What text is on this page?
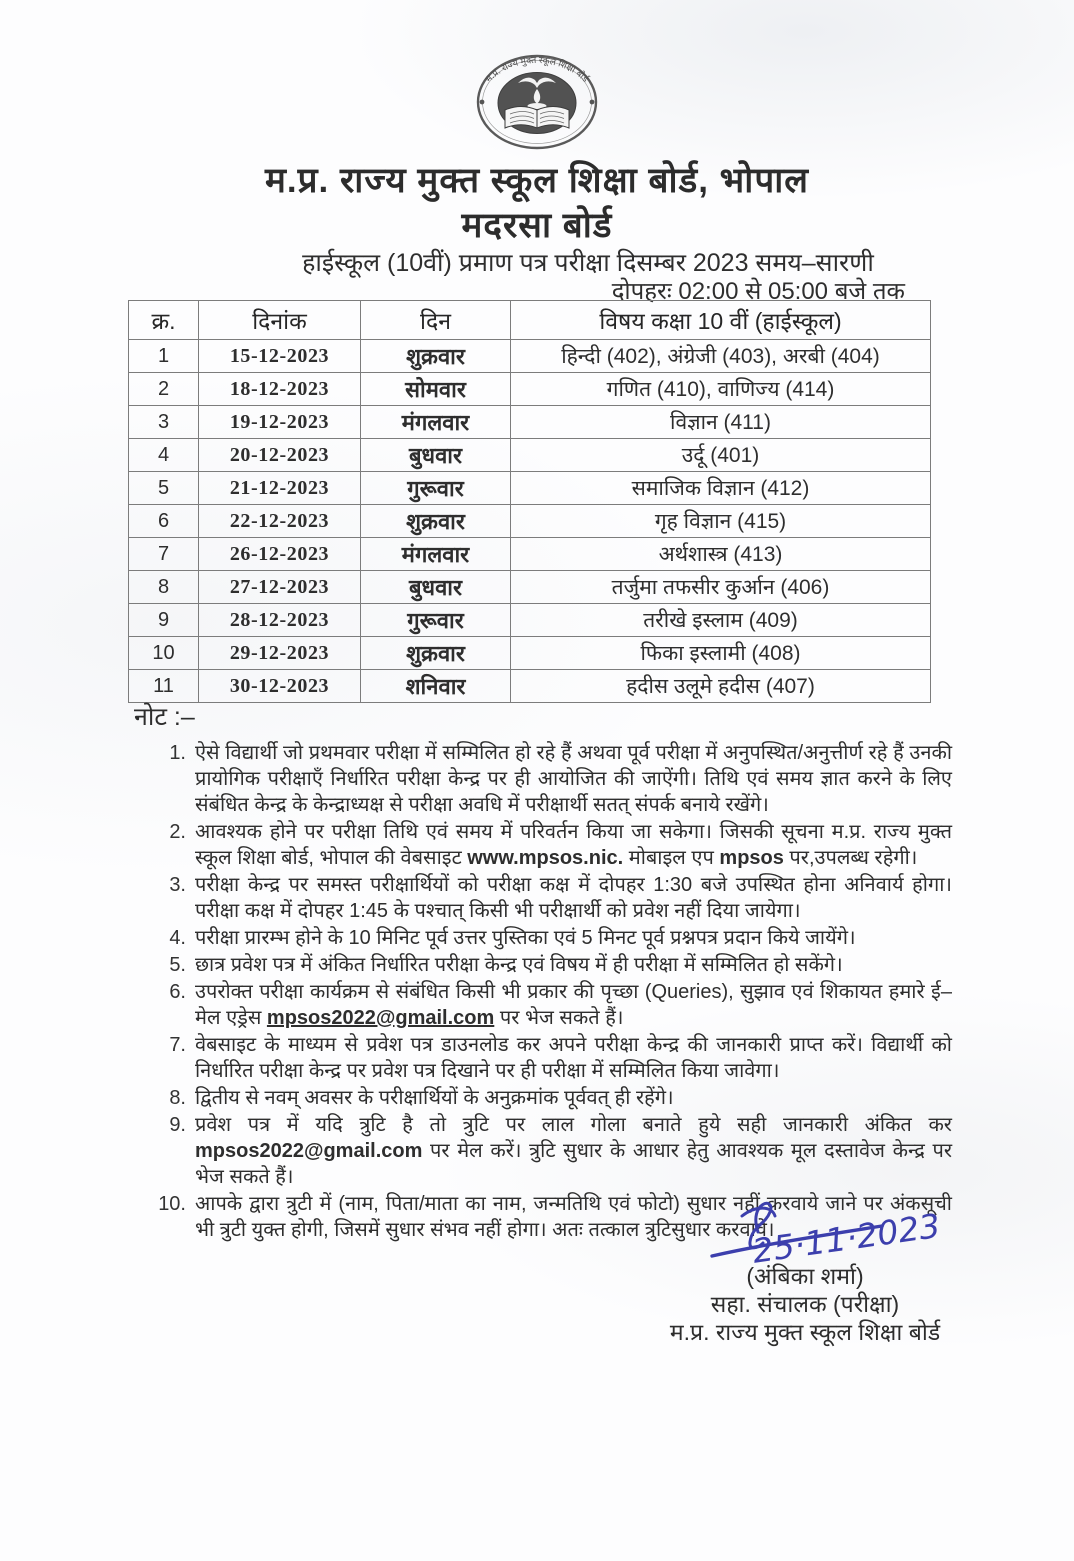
म.प्र. राज्य मुक्त स्कूल शिक्षा बोर्ड
म.प्र. राज्य मुक्त स्कूल शिक्षा बोर्ड, भोपाल
मदरसा बोर्ड
हाईस्कूल (10वीं) प्रमाण पत्र परीक्षा दिसम्बर 2023 समय–सारणी
दोपहरः 02:00 से 05:00 बजे तक
क्र.	दिनांक	दिन	विषय कक्षा 10 वीं (हाईस्कूल)
1	15-12-2023	शुक्रवार	हिन्दी (402), अंग्रेजी (403), अरबी (404)
2	18-12-2023	सोमवार	गणित (410), वाणिज्य (414)
3	19-12-2023	मंगलवार	विज्ञान (411)
4	20-12-2023	बुधवार	उर्दू (401)
5	21-12-2023	गुरूवार	समाजिक विज्ञान (412)
6	22-12-2023	शुक्रवार	गृह विज्ञान (415)
7	26-12-2023	मंगलवार	अर्थशास्त्र (413)
8	27-12-2023	बुधवार	तर्जुमा तफसीर कुर्आन (406)
9	28-12-2023	गुरूवार	तरीखे इस्लाम (409)
10	29-12-2023	शुक्रवार	फिका इस्लामी (408)
11	30-12-2023	शनिवार	हदीस उलूमे हदीस (407)
नोट :–
1. ऐसे विद्यार्थी जो प्रथमवार परीक्षा में सम्मिलित हो रहे हैं अथवा पूर्व परीक्षा में अनुपस्थित/अनुत्तीर्ण रहे हैं उनकी प्रायोगिक परीक्षाएँ निर्धारित परीक्षा केन्द्र पर ही आयोजित की जाऐंगी। तिथि एवं समय ज्ञात करने के लिए संबंधित केन्द्र के केन्द्राध्यक्ष से परीक्षा अवधि में परीक्षार्थी सतत् संपर्क बनाये रखेंगे।
2. आवश्यक होने पर परीक्षा तिथि एवं समय में परिवर्तन किया जा सकेगा। जिसकी सूचना म.प्र. राज्य मुक्त स्कूल शिक्षा बोर्ड, भोपाल की वेबसाइट www.mpsos.nic. मोबाइल एप mpsos पर,उपलब्ध रहेगी।
3. परीक्षा केन्द्र पर समस्त परीक्षार्थियों को परीक्षा कक्ष में दोपहर 1:30 बजे उपस्थित होना अनिवार्य होगा। परीक्षा कक्ष में दोपहर 1:45 के पश्चात् किसी भी परीक्षार्थी को प्रवेश नहीं दिया जायेगा।
4. परीक्षा प्रारम्भ होने के 10 मिनिट पूर्व उत्तर पुस्तिका एवं 5 मिनट पूर्व प्रश्नपत्र प्रदान किये जायेंगे।
5. छात्र प्रवेश पत्र में अंकित निर्धारित परीक्षा केन्द्र एवं विषय में ही परीक्षा में सम्मिलित हो सकेंगे।
6. उपरोक्त परीक्षा कार्यक्रम से संबंधित किसी भी प्रकार की पृच्छा (Queries), सुझाव एवं शिकायत हमारे ई–मेल एड्रेस mpsos2022@gmail.com पर भेज सकते हैं।
7. वेबसाइट के माध्यम से प्रवेश पत्र डाउनलोड कर अपने परीक्षा केन्द्र की जानकारी प्राप्त करें। विद्यार्थी को निर्धारित परीक्षा केन्द्र पर प्रवेश पत्र दिखाने पर ही परीक्षा में सम्मिलित किया जावेगा।
8. द्वितीय से नवम् अवसर के परीक्षार्थियों के अनुक्रमांक पूर्ववत् ही रहेंगे।
9. प्रवेश पत्र में यदि त्रुटि है तो त्रुटि पर लाल गोला बनाते हुये सही जानकारी अंकित कर mpsos2022@gmail.com पर मेल करें। त्रुटि सुधार के आधार हेतु आवश्यक मूल दस्तावेज केन्द्र पर भेज सकते हैं।
10. आपके द्वारा त्रुटी में (नाम, पिता/माता का नाम, जन्मतिथि एवं फोटो) सुधार नहीं करवाये जाने पर अंकसूची भी त्रुटी युक्त होगी, जिसमें सुधार संभव नहीं होगा। अतः तत्काल त्रुटिसुधार करवावें।
25·11·2023
(अंबिका शर्मा)
सहा. संचालक (परीक्षा)
म.प्र. राज्य मुक्त स्कूल शिक्षा बोर्ड
